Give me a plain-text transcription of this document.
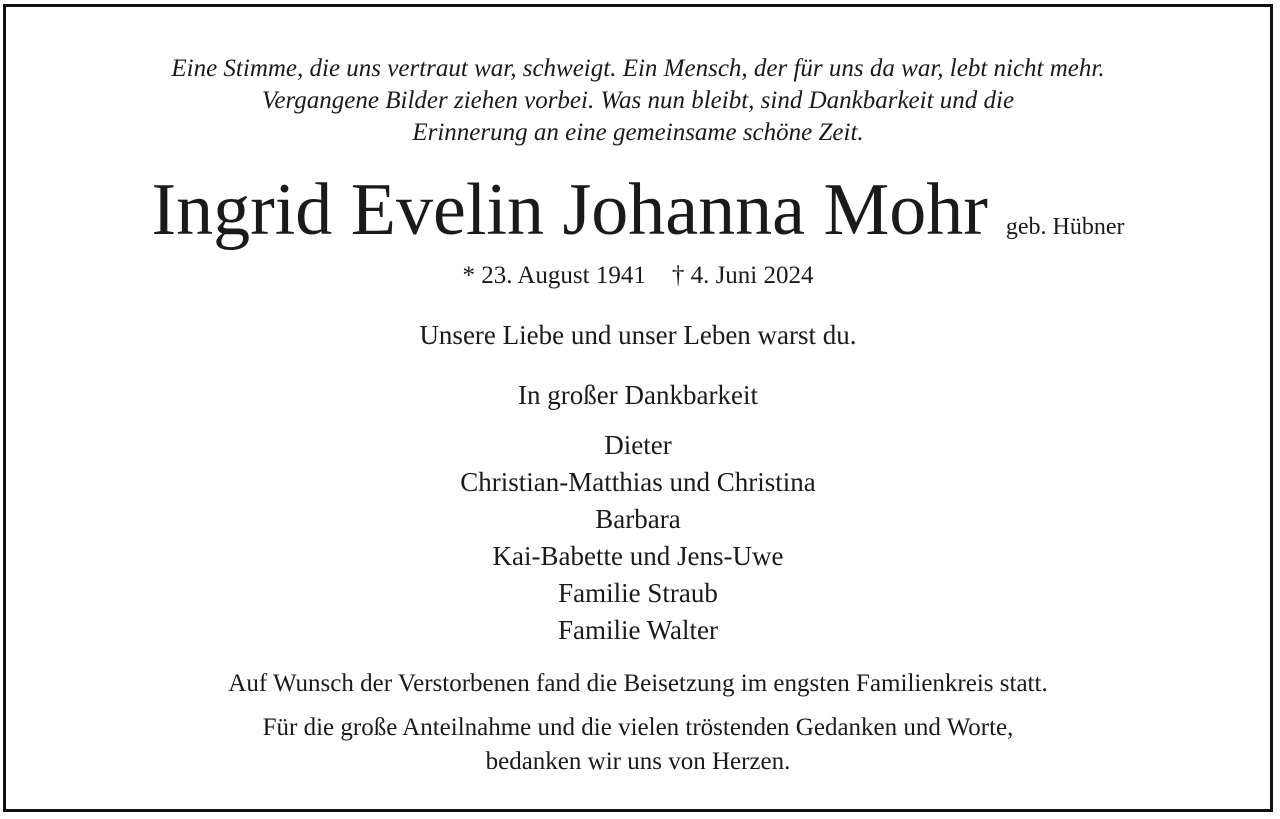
Eine Stimme, die uns vertraut war, schweigt. Ein Mensch, der für uns da war, lebt nicht mehr.
Vergangene Bilder ziehen vorbei. Was nun bleibt, sind Dankbarkeit und die
Erinnerung an eine gemeinsame schöne Zeit.
Ingrid Evelin Johanna Mohr geb. Hübner
* 23. August 1941 † 4. Juni 2024
Unsere Liebe und unser Leben warst du.
In großer Dankbarkeit
Dieter
Christian-Matthias und Christina
Barbara
Kai-Babette und Jens-Uwe
Familie Straub
Familie Walter
Auf Wunsch der Verstorbenen fand die Beisetzung im engsten Familienkreis statt.
Für die große Anteilnahme und die vielen tröstenden Gedanken und Worte,
bedanken wir uns von Herzen.
